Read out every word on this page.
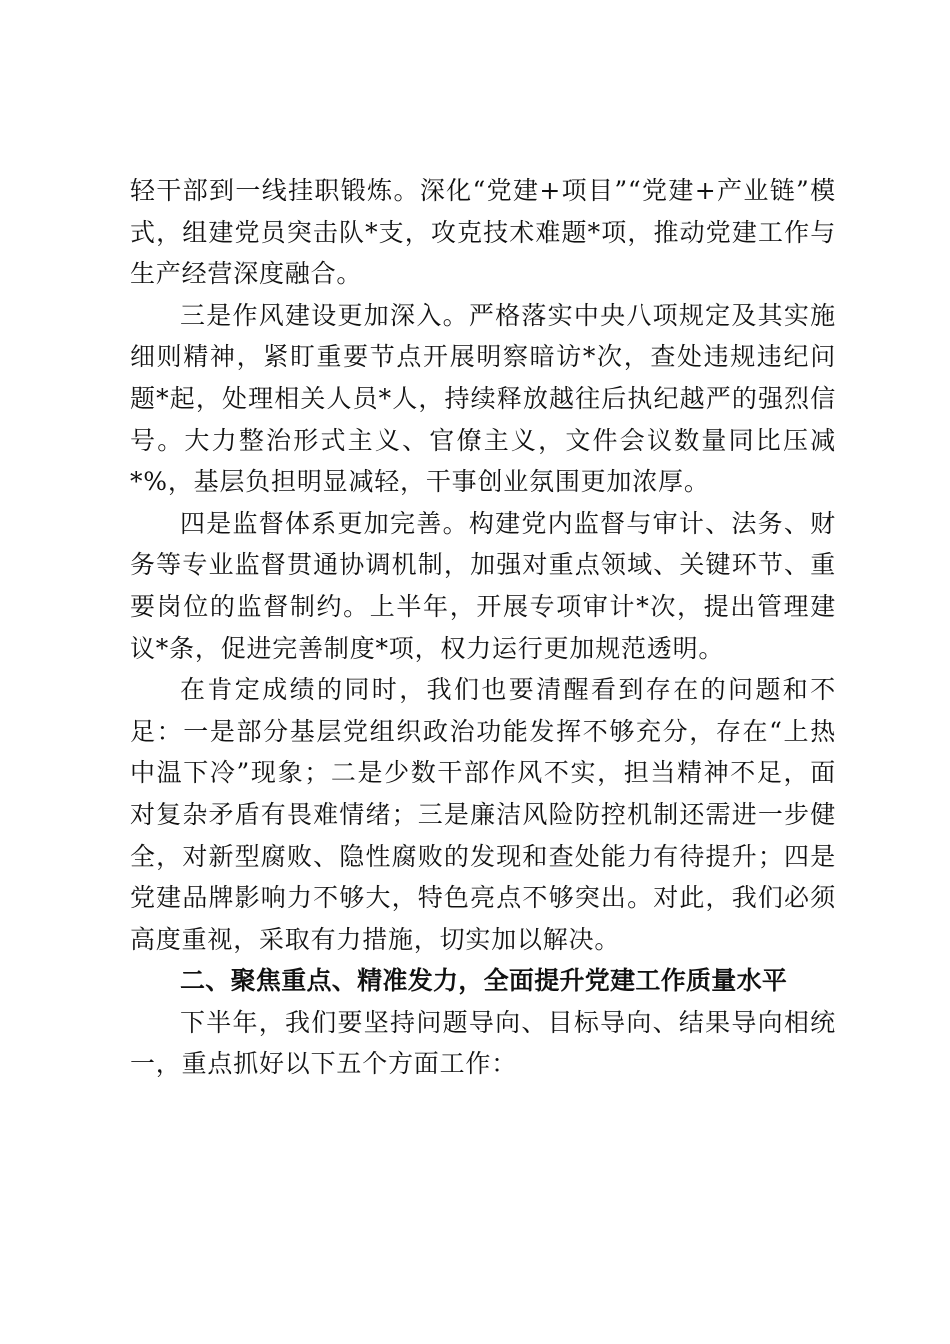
轻干部到一线挂职锻炼。深化“党建+项目”“党建+产业链”模式，组建党员突击队*支，攻克技术难题*项，推动党建工作与生产经营深度融合。

三是作风建设更加深入。严格落实中央八项规定及其实施细则精神，紧盯重要节点开展明察暗访*次，查处违规违纪问题*起，处理相关人员*人，持续释放越往后执纪越严的强烈信号。大力整治形式主义、官僚主义，文件会议数量同比压减*%，基层负担明显减轻，干事创业氛围更加浓厚。

四是监督体系更加完善。构建党内监督与审计、法务、财务等专业监督贯通协调机制，加强对重点领域、关键环节、重要岗位的监督制约。上半年，开展专项审计*次，提出管理建议*条，促进完善制度*项，权力运行更加规范透明。

在肯定成绩的同时，我们也要清醒看到存在的问题和不足：一是部分基层党组织政治功能发挥不够充分，存在“上热中温下冷”现象；二是少数干部作风不实，担当精神不足，面对复杂矛盾有畏难情绪；三是廉洁风险防控机制还需进一步健全，对新型腐败、隐性腐败的发现和查处能力有待提升；四是党建品牌影响力不够大，特色亮点不够突出。对此，我们必须高度重视，采取有力措施，切实加以解决。

二、聚焦重点、精准发力，全面提升党建工作质量水平

下半年，我们要坚持问题导向、目标导向、结果导向相统一，重点抓好以下五个方面工作：
